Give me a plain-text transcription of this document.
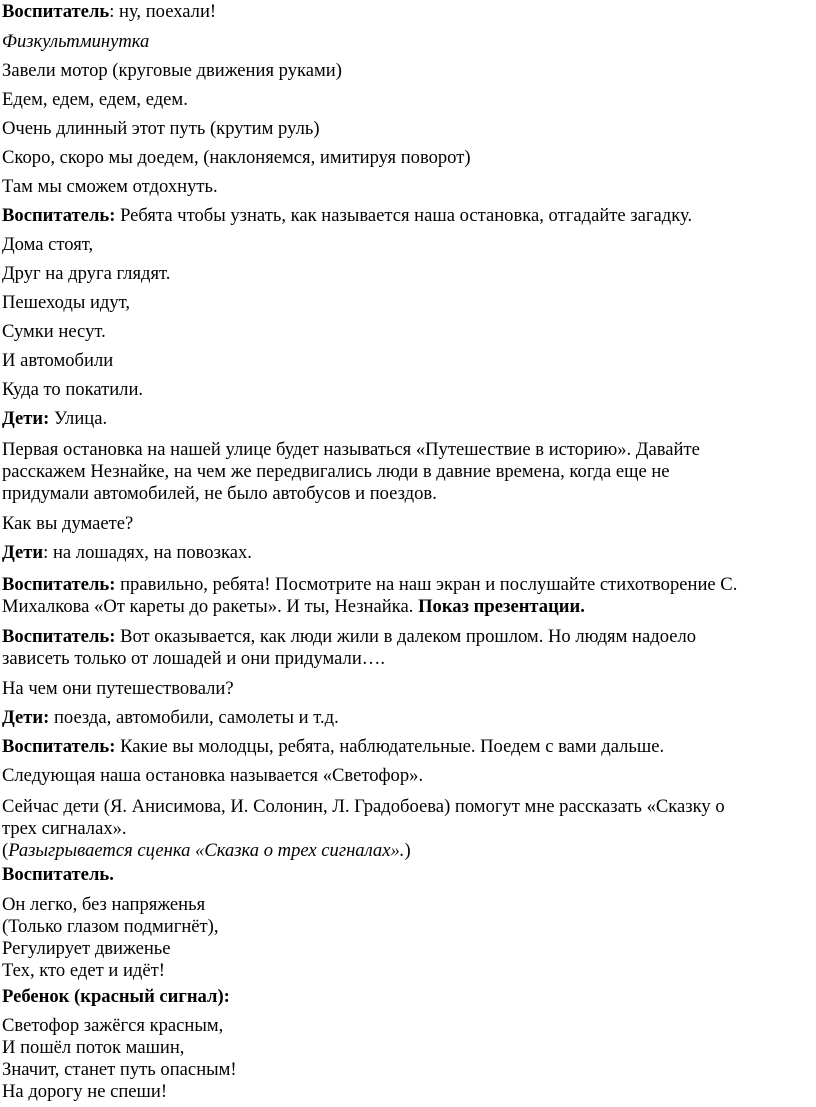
Воспитатель: ну, поехали!

Физкультминутка

Завели мотор (круговые движения руками)

Едем, едем, едем, едем.

Очень длинный этот путь (крутим руль)

Скоро, скоро мы доедем, (наклоняемся, имитируя поворот)

Там мы сможем отдохнуть.

Воспитатель: Ребята чтобы узнать, как называется наша остановка, отгадайте загадку.

Дома стоят,

Друг на друга глядят.

Пешеходы идут,

Сумки несут.

И автомобили

Куда то покатили.

Дети: Улица.

Первая остановка на нашей улице будет называться «Путешествие в историю». Давайте

расскажем Незнайке, на чем же передвигались люди в давние времена, когда еще не

придумали автомобилей, не было автобусов и поездов.

Как вы думаете?

Дети: на лошадях, на повозках.

Воспитатель: правильно, ребята! Посмотрите на наш экран и послушайте стихотворение С.

Михалкова «От кареты до ракеты». И ты, Незнайка. Показ презентации.

Воспитатель: Вот оказывается, как люди жили в далеком прошлом. Но людям надоело

зависеть только от лошадей и они придумали….

На чем они путешествовали?

Дети: поезда, автомобили, самолеты и т.д.

Воспитатель: Какие вы молодцы, ребята, наблюдательные. Поедем с вами дальше.

Следующая наша остановка называется «Светофор».

Сейчас дети (Я. Анисимова, И. Солонин, Л. Градобоева) помогут мне рассказать «Сказку о

трех сигналах».

(Разыгрывается сценка «Сказка о трех сигналах».)

Воспитатель.

Он легко, без напряженья

(Только глазом подмигнёт),

Регулирует движенье

Тех, кто едет и идёт!

Ребенок (красный сигнал):

Светофор зажёгся красным,

И пошёл поток машин,

Значит, станет путь опасным!

На дорогу не спеши!
